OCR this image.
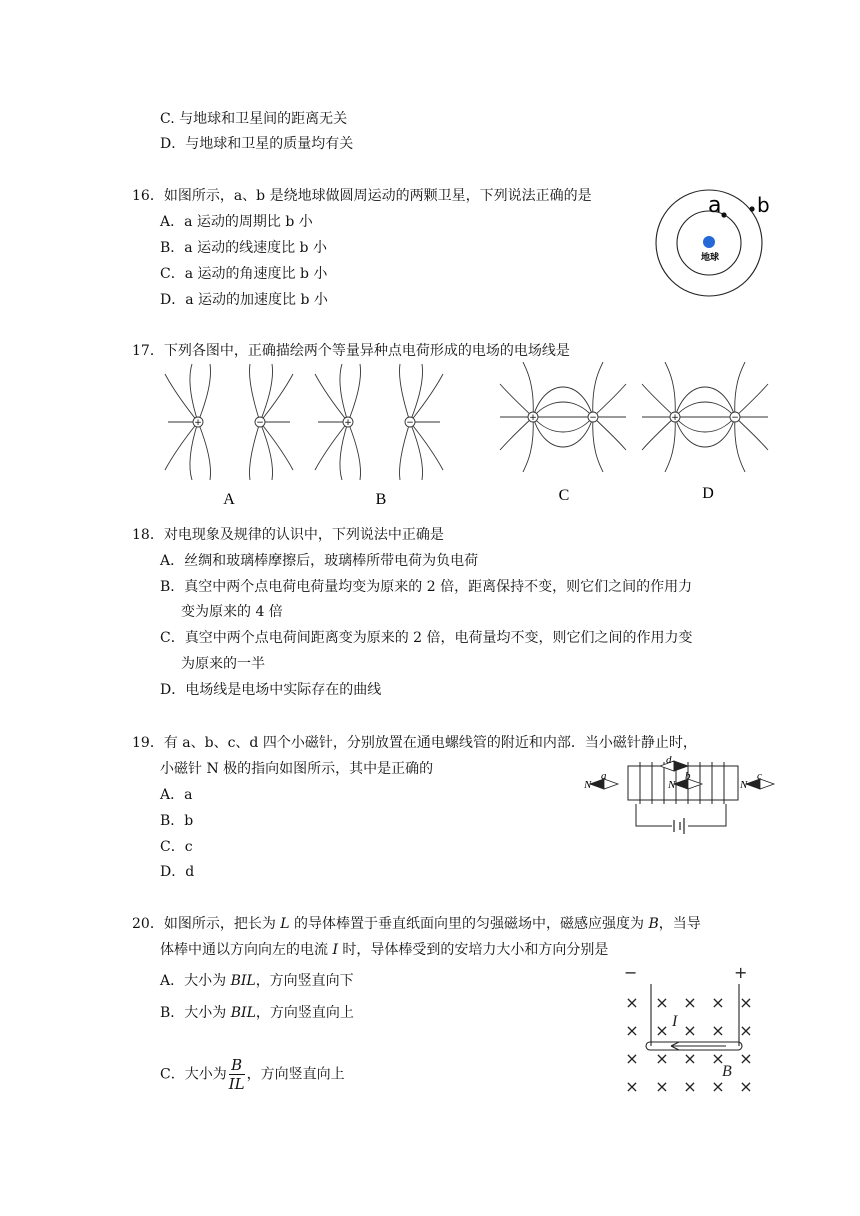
C. 与地球和卫星间的距离无关
D．与地球和卫星的质量均有关
16．如图所示，a、b 是绕地球做圆周运动的两颗卫星，下列说法正确的是
A．a 运动的周期比 b 小
B．a 运动的线速度比 b 小
C．a 运动的角速度比 b 小
D．a 运动的加速度比 b 小
地球
a b
17．下列各图中，正确描绘两个等量异种点电荷形成的电场的电场线是
+	−	+	−	+	−	+	−
A	B	C	D
18．对电现象及规律的认识中，下列说法中正确是
A．丝绸和玻璃棒摩擦后，玻璃棒所带电荷为负电荷
B．真空中两个点电荷电荷量均变为原来的 2 倍，距离保持不变，则它们之间的作用力
变为原来的 4 倍
C．真空中两个点电荷间距离变为原来的 2 倍，电荷量均不变，则它们之间的作用力变
为原来的一半
D．电场线是电场中实际存在的曲线
19．有 a、b、c、d 四个小磁针，分别放置在通电螺线管的附近和内部．当小磁针静止时，
小磁针 N 极的指向如图所示，其中是正确的
A．a
B．b
C．c
D．d
N
a
N
b
d
N
c
20．如图所示，把长为 L 的导体棒置于垂直纸面向里的匀强磁场中，磁感应强度为 B，当导
体棒中通以方向向左的电流 I 时，导体棒受到的安培力大小和方向分别是
A．大小为 BIL，方向竖直向下
B．大小为 BIL，方向竖直向上
C．大小为 $\frac{B}{IL}$ ，方向竖直向上
−	+
× × × × ×
× × × × ×
× × × × ×
× × × × ×
I
B
